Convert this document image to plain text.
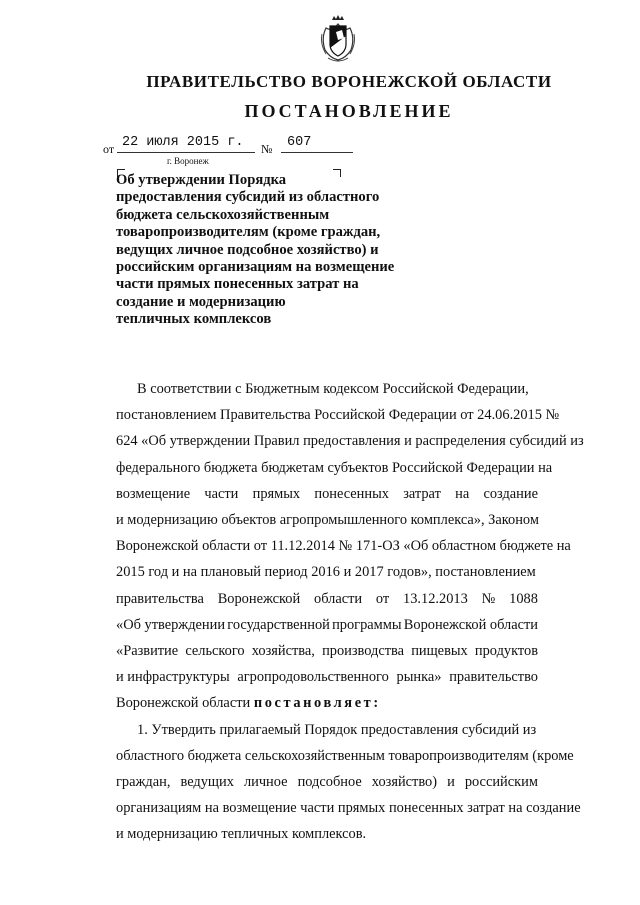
ПРАВИТЕЛЬСТВО ВОРОНЕЖСКОЙ ОБЛАСТИ
ПОСТАНОВЛЕНИЕ
от 22 июля 2015 г. № 607
г. Воронеж
Об утверждении Порядка
предоставления субсидий из областного
бюджета сельскохозяйственным
товаропроизводителям (кроме граждан,
ведущих личное подсобное хозяйство) и
российским организациям на возмещение
части прямых понесенных затрат на
создание и модернизацию
тепличных комплексов
В соответствии с Бюджетным кодексом Российской Федерации,
постановлением Правительства Российской Федерации от 24.06.2015 №
624 «Об утверждении Правил предоставления и распределения субсидий из
федерального бюджета бюджетам субъектов Российской Федерации на
возмещение части прямых понесенных затрат на создание
и модернизацию объектов агропромышленного комплекса», Законом
Воронежской области от 11.12.2014 № 171-ОЗ «Об областном бюджете на
2015 год и на плановый период 2016 и 2017 годов», постановлением
правительства Воронежской области от 13.12.2013 № 1088
«Об утверждении государственной программы Воронежской области
«Развитие сельского хозяйства, производства пищевых продуктов
и инфраструктуры агропродовольственного рынка» правительство
Воронежской области постановляет:
1. Утвердить прилагаемый Порядок предоставления субсидий из
областного бюджета сельскохозяйственным товаропроизводителям (кроме
граждан, ведущих личное подсобное хозяйство) и российским
организациям на возмещение части прямых понесенных затрат на создание
и модернизацию тепличных комплексов.
